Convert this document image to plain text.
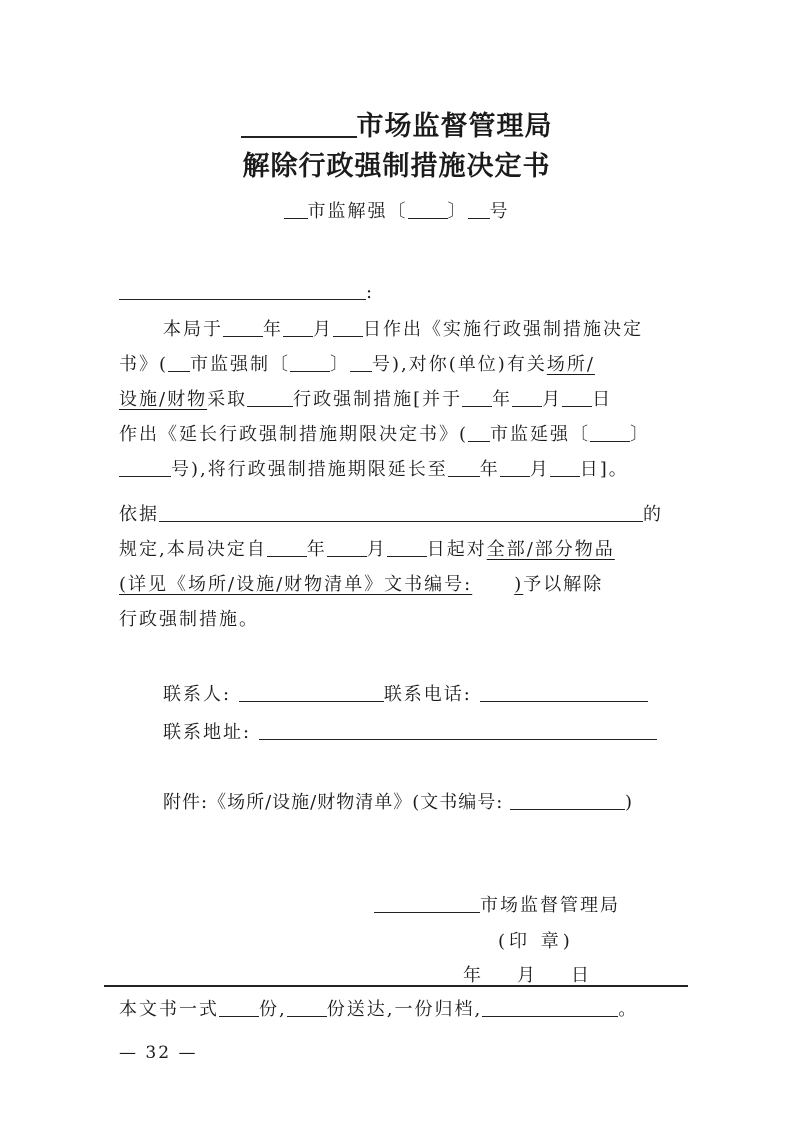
市场监督管理局
解除行政强制措施决定书
市监解强〔 〕 号
:
本局于 年 月 日作出《实施行政强制措施决定
书》( 市监强制〔 〕 号),对你(单位)有关场所/
设施/财物采取	行政强制措施[并于 年 月 日
作出《延长行政强制措施期限决定书》( 市监延强〔 〕
号),将行政强制措施期限延长至 年 月 日]。
依据	的
规定,本局决定自 年 月 日起对全部/部分物品
(详见《场所/设施/财物清单》文书编号: )予以解除
行政强制措施。
联系人:	联系电话:
联系地址:
附件:《场所/设施/财物清单》(文书编号:	)
市场监督管理局
(印 章)
年 月 日
本文书一式 份, 份送达,一份归档,	。
— 32 —
